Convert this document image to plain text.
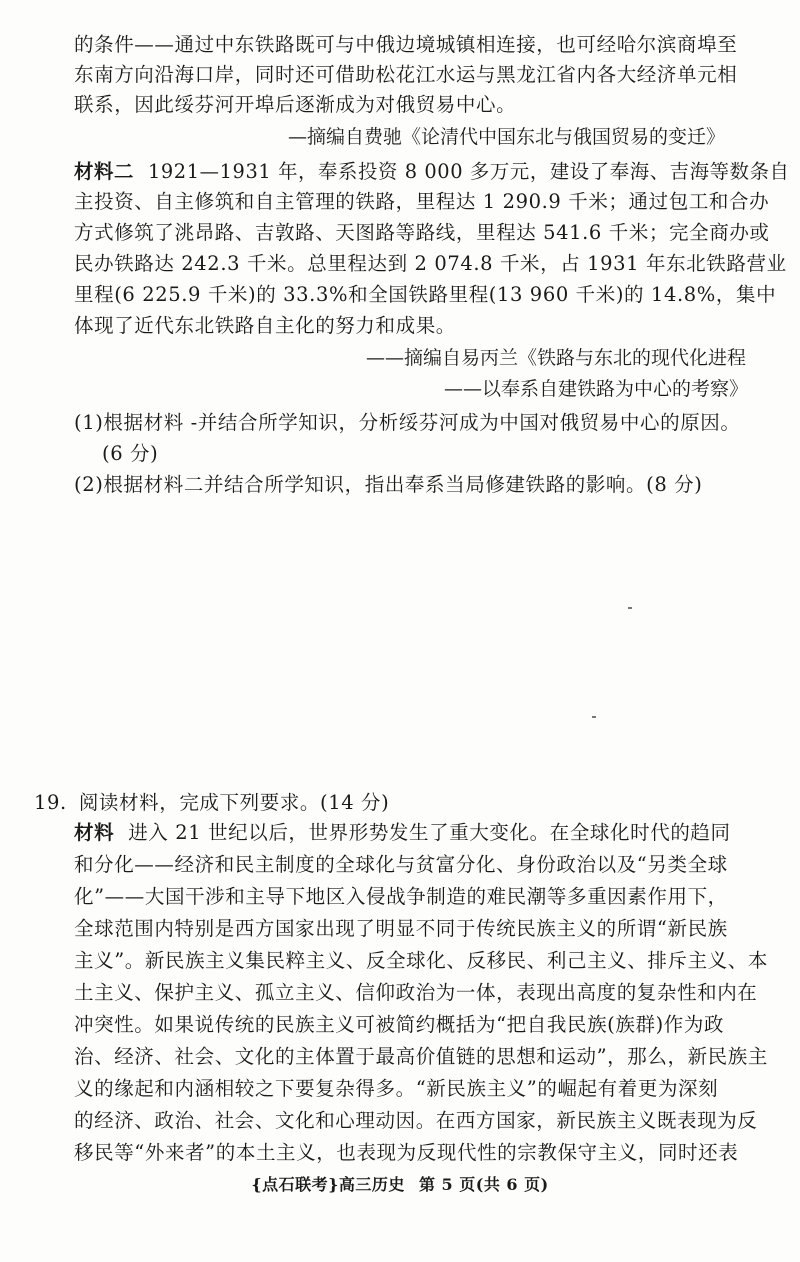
的条件——通过中东铁路既可与中俄边境城镇相连接，也可经哈尔滨商埠至
东南方向沿海口岸，同时还可借助松花江水运与黑龙江省内各大经济单元相
联系，因此绥芬河开埠后逐渐成为对俄贸易中心。
—摘编自费驰《论清代中国东北与俄国贸易的变迁》
材料二 1921—1931 年，奉系投资 8 000 多万元，建设了奉海、吉海等数条自
主投资、自主修筑和自主管理的铁路，里程达 1 290.9 千米；通过包工和合办
方式修筑了洮昂路、吉敦路、天图路等路线，里程达 541.6 千米；完全商办或
民办铁路达 242.3 千米。总里程达到 2 074.8 千米，占 1931 年东北铁路营业
里程(6 225.9 千米)的 33.3%和全国铁路里程(13 960 千米)的 14.8%，集中
体现了近代东北铁路自主化的努力和成果。
——摘编自易丙兰《铁路与东北的现代化进程
——以奉系自建铁路为中心的考察》
(1)根据材料 -并结合所学知识，分析绥芬河成为中国对俄贸易中心的原因。
(6 分)
(2)根据材料二并结合所学知识，指出奉系当局修建铁路的影响。(8 分)
19. 阅读材料，完成下列要求。(14 分)
材料 进入 21 世纪以后，世界形势发生了重大变化。在全球化时代的趋同
和分化——经济和民主制度的全球化与贫富分化、身份政治以及“另类全球
化”——大国干涉和主导下地区入侵战争制造的难民潮等多重因素作用下，
全球范围内特别是西方国家出现了明显不同于传统民族主义的所谓“新民族
主义”。新民族主义集民粹主义、反全球化、反移民、利己主义、排斥主义、本
土主义、保护主义、孤立主义、信仰政治为一体，表现出高度的复杂性和内在
冲突性。如果说传统的民族主义可被简约概括为“把自我民族(族群)作为政
治、经济、社会、文化的主体置于最高价值链的思想和运动”，那么，新民族主
义的缘起和内涵相较之下要复杂得多。“新民族主义”的崛起有着更为深刻
的经济、政治、社会、文化和心理动因。在西方国家，新民族主义既表现为反
移民等“外来者”的本土主义，也表现为反现代性的宗教保守主义，同时还表
{点石联考}高三历史 第 5 页(共 6 页)
